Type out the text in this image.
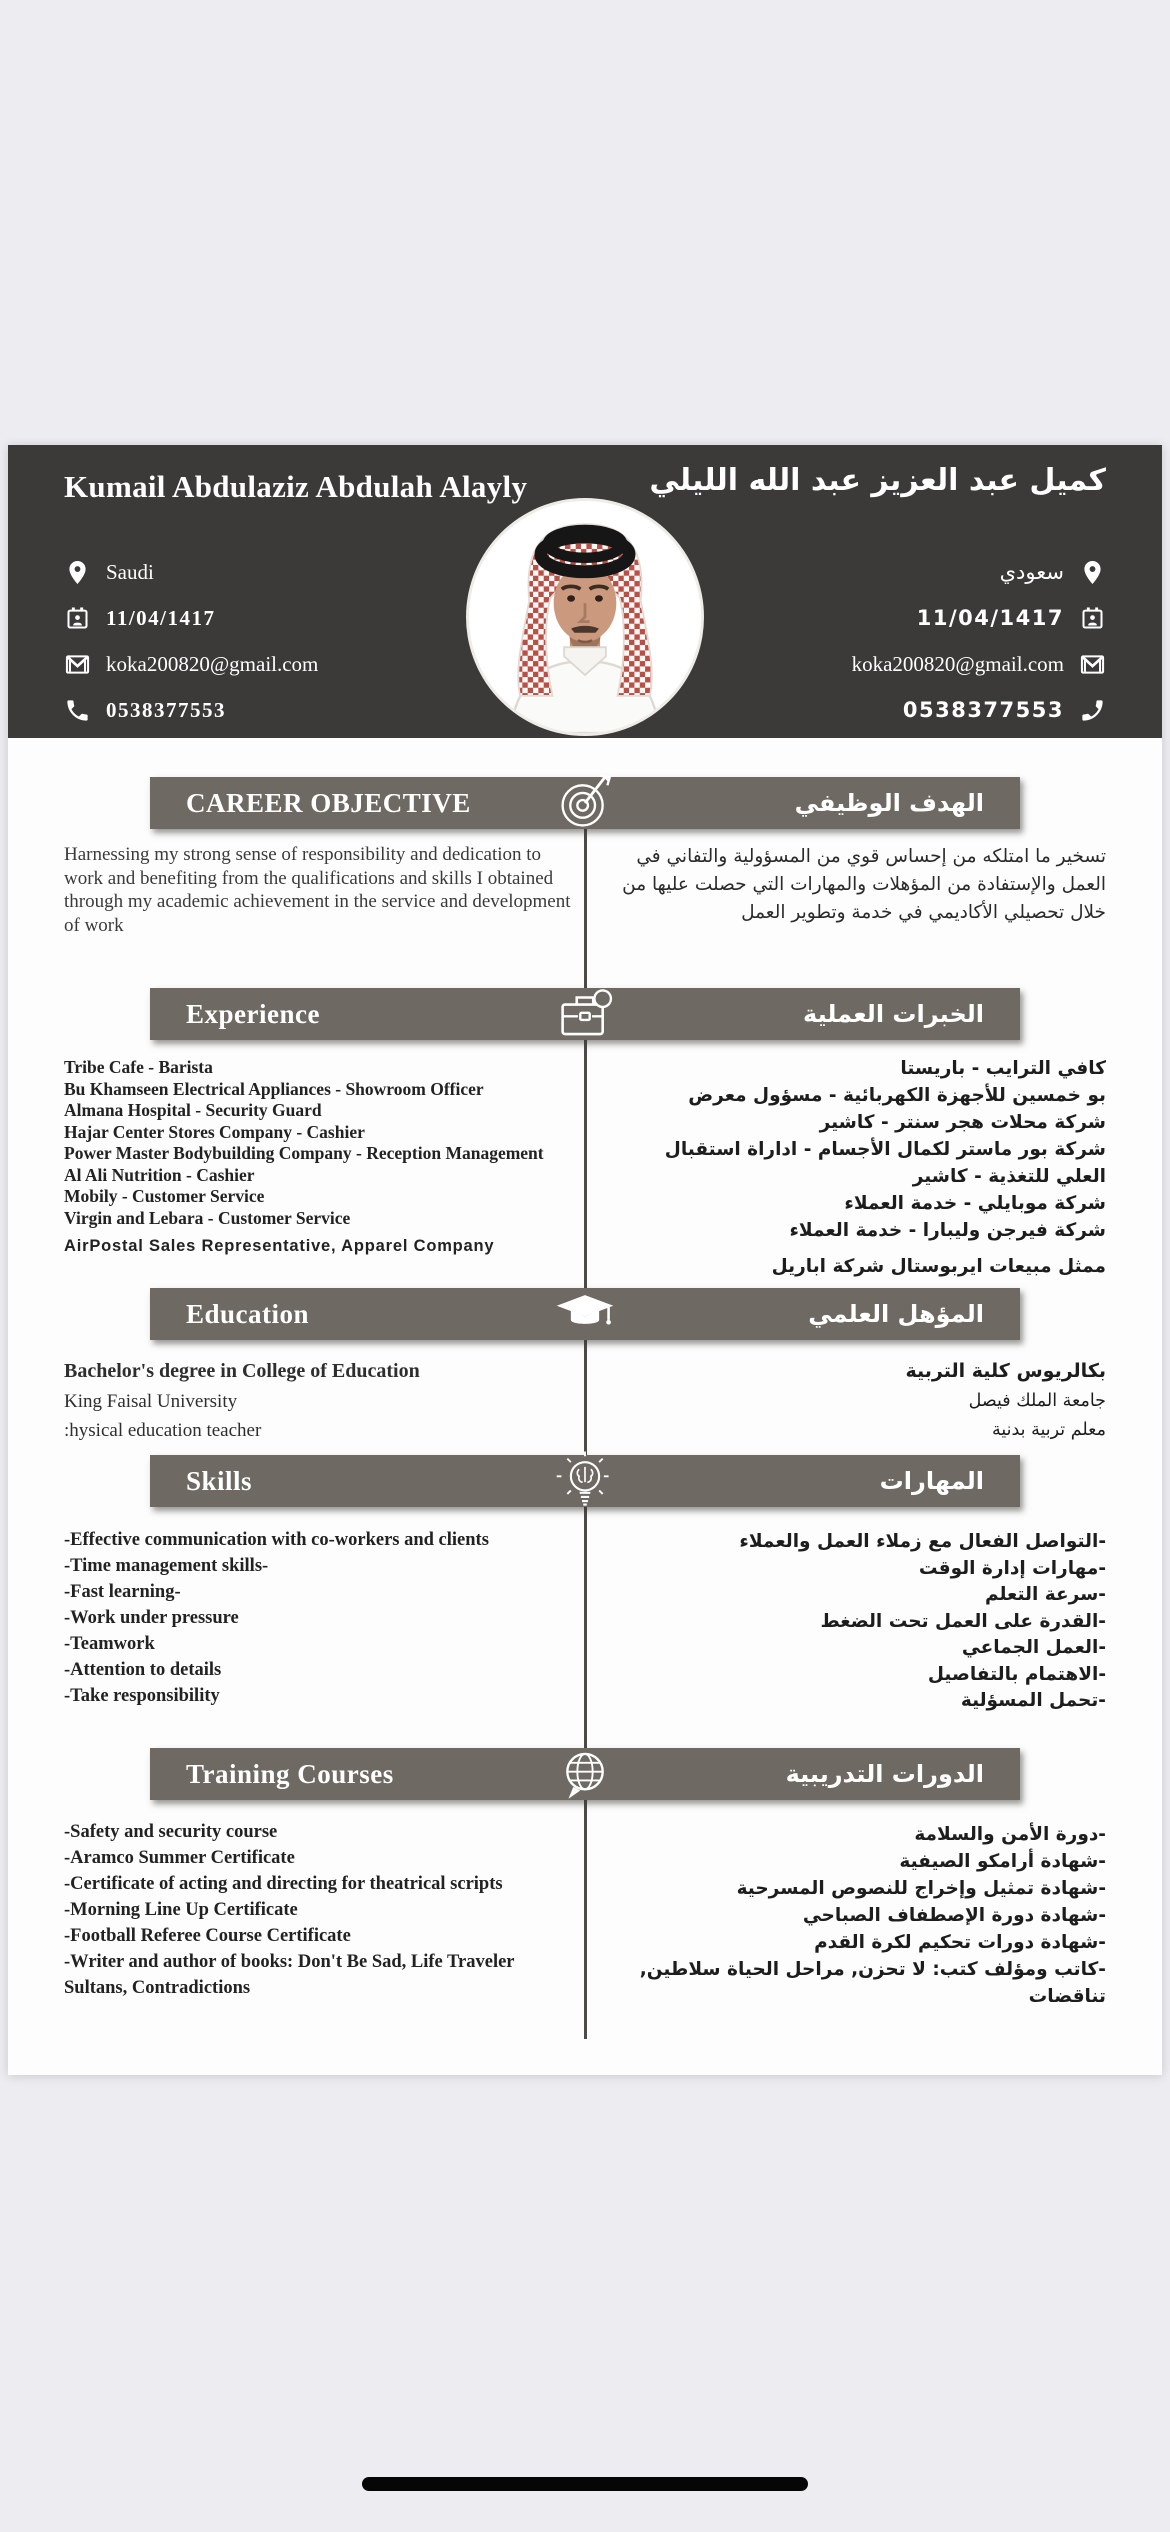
Kumail Abdulaziz Abdulah Alayly	كميل عبد العزيز عبد الله الليلي
Saudi
11/04/1417
koka200820@gmail.com
0538377553
سعودي
11/04/1417
koka200820@gmail.com
0538377553
CAREER OBJECTIVE	الهدف الوظيفي
Harnessing my strong sense of responsibility and dedication to work and benefiting from the qualifications and skills I obtained through my academic achievement in the service and development of work
تسخير ما امتلكه من إحساس قوي من المسؤولية والتفاني في العمل والإستفادة من المؤهلات والمهارات التي حصلت عليها من خلال تحصيلي الأكاديمي في خدمة وتطوير العمل
Experience	الخبرات العملية
Tribe Cafe - Barista
Bu Khamseen Electrical Appliances - Showroom Officer
Almana Hospital - Security Guard
Hajar Center Stores Company - Cashier
Power Master Bodybuilding Company - Reception Management
Al Ali Nutrition - Cashier
Mobily - Customer Service
Virgin and Lebara - Customer Service
AirPostal Sales Representative, Apparel Company
كافي الترايب - باريستا
بو خمسين للأجهزة الكهربائية - مسؤول معرض
شركة محلات هجر سنتر - كاشير
شركة بور ماستر لكمال الأجسام - اداراة استقبال
العلي للتغذية - كاشير
شركة موبايلي - خدمة العملاء
شركة فيرجن وليبارا - خدمة العملاء
ممثل مبيعات ايربوستال شركة اباريل
Education	المؤهل العلمي
Bachelor's degree in College of Education
King Faisal University
:hysical education teacher
بكالريوس كلية التربية
جامعة الملك فيصل
معلم تربية بدنية
Skills	المهارات
-Effective communication with co-workers and clients
-Time management skills-
-Fast learning-
-Work under pressure
-Teamwork
-Attention to details
-Take responsibility
-التواصل الفعال مع زملاء العمل والعملاء
-مهارات إدارة الوقت
-سرعة التعلم
-القدرة على العمل تحت الضغط
-العمل الجماعي
-الاهتمام بالتفاصيل
-تحمل المسؤلية
Training Courses	الدورات التدريبية
-Safety and security course
-Aramco Summer Certificate
-Certificate of acting and directing for theatrical scripts
-Morning Line Up Certificate
-Football Referee Course Certificate
-Writer and author of books: Don't Be Sad, Life Traveler Sultans, Contradictions
-دورة الأمن والسلامة
-شهادة أرامكو الصيفية
-شهادة تمثيل وإخراج للنصوص المسرحية
-شهادة دورة الإصطفاف الصباحي
-شهادة دورات تحكيم لكرة القدم
-كاتب ومؤلف كتب: لا تحزن, مراحل الحياة سلاطين, تناقضات
